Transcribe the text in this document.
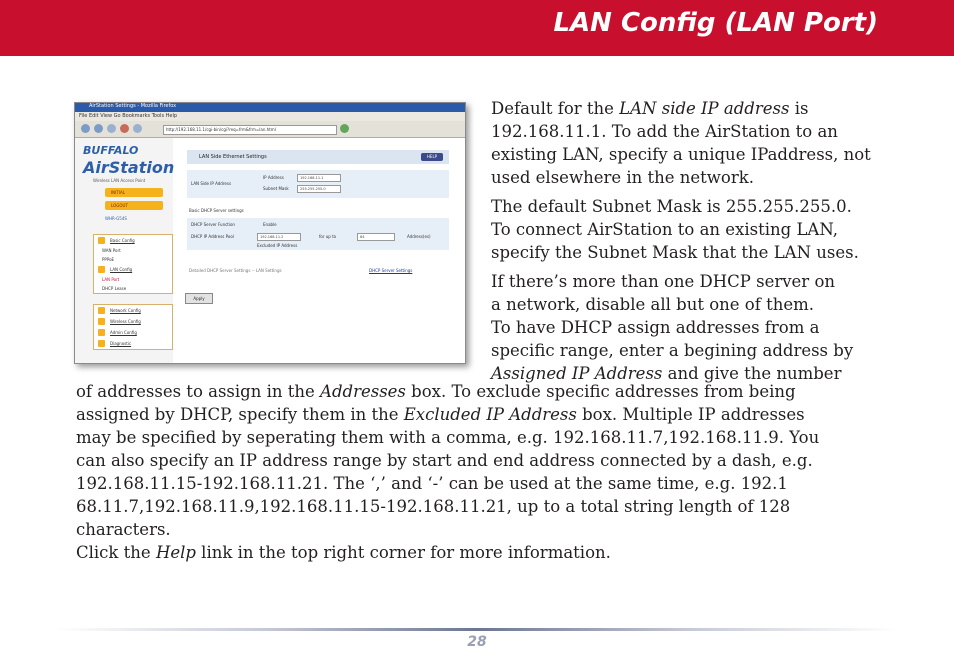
LAN Config (LAN Port)
AirStation Settings - Mozilla Firefox
File Edit View Go Bookmarks Tools Help
http://192.168.11.1/cgi-bin/cgi?req=frm&frm=lan.html
BUFFALO
AirStation
Wireless LAN Access Point
INITIAL
LOGOUT
WHR-G54S
Basic Config
WAN Port
PPPoE
LAN Config
LAN Port
DHCP Lease
Network Config
Wireless Config
Admin Config
Diagnostic
LAN Side Ethernet Settings	HELP
LAN Side IP Address
IP Address	192.168.11.1
Subnet Mask	255.255.255.0
Basic DHCP Server settings
DHCP Server Function	Enable
DHCP IP Address Pool	192.168.11.2	for up to	64	Address(es)
Excluded IP Address
Detailed DHCP Server Settings -- LAN Settings	DHCP Server Settings
Apply
Default for the LAN side IP address is
192.168.11.1. To add the AirStation to an
existing LAN, specify a unique IPaddress, not
used elsewhere in the network.
The default Subnet Mask is 255.255.255.0.
To connect AirStation to an existing LAN,
specify the Subnet Mask that the LAN uses.
If there’s more than one DHCP server on
a network, disable all but one of them.
To have DHCP assign addresses from a
specific range, enter a begining address by
Assigned IP Address and give the number
of addresses to assign in the Addresses box. To exclude specific addresses from being
assigned by DHCP, specify them in the Excluded IP Address box. Multiple IP addresses
may be specified by seperating them with a comma, e.g. 192.168.11.7,192.168.11.9. You
can also specify an IP address range by start and end address connected by a dash, e.g.
192.168.11.15-192.168.11.21. The ‘,’ and ‘-’ can be used at the same time, e.g. 192.1
68.11.7,192.168.11.9,192.168.11.15-192.168.11.21, up to a total string length of 128
characters.
Click the Help link in the top right corner for more information.
28
